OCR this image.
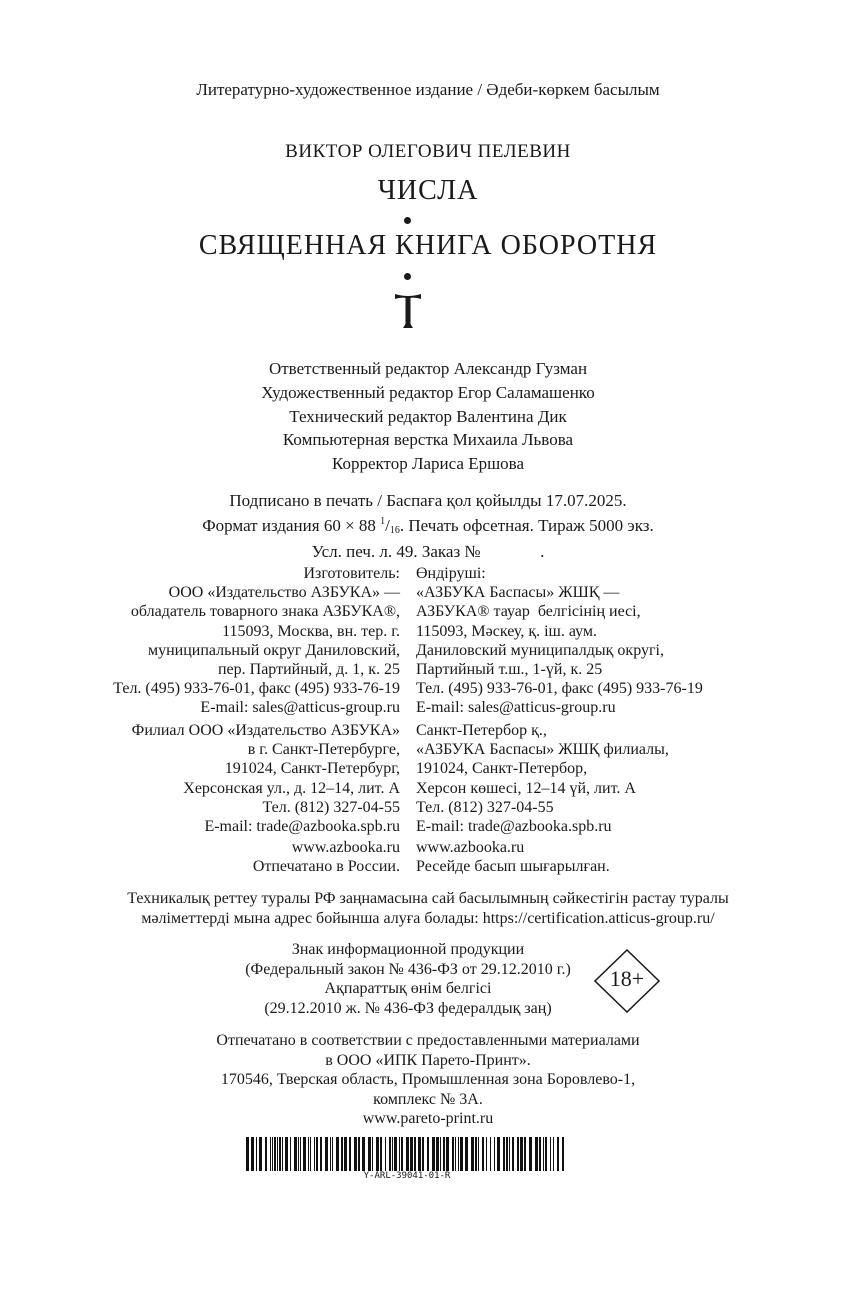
Литературно-художественное издание / Әдеби-көркем басылым
ВИКТОР ОЛЕГОВИЧ ПЕЛЕВИН
ЧИСЛА
СВЯЩЕННАЯ КНИГА ОБОРОТНЯ
Ответственный редактор Александр Гузман
Художественный редактор Егор Саламашенко
Технический редактор Валентина Дик
Компьютерная верстка Михаила Львова
Корректор Лариса Ершова
Подписано в печать / Баспаға қол қойылды 17.07.2025.
Формат издания 60 × 88 $^1/_{16}$. Печать офсетная. Тираж 5000 экз.
Усл. печ. л. 49. Заказ №              .
Изготовитель:
ООО «Издательство АЗБУКА» —
обладатель товарного знака АЗБУКА®,
115093, Москва, вн. тер. г.
муниципальный округ Даниловский,
пер. Партийный, д. 1, к. 25
Тел. (495) 933-76-01, факс (495) 933-76-19
E-mail: sales@atticus-group.ru
Өндіруші:
«АЗБУКА Баспасы» ЖШҚ —
АЗБУКА® тауар  белгісінің иесі,
115093, Мәскеу, қ. іш. аум.
Даниловский муниципалдық округі,
Партийный т.ш., 1-үй, к. 25
Тел. (495) 933-76-01, факс (495) 933-76-19
E-mail: sales@atticus-group.ru
Филиал ООО «Издательство АЗБУКА»
в г. Санкт-Петербурге,
191024, Санкт-Петербург,
Херсонская ул., д. 12–14, лит. А
Тел. (812) 327-04-55
E-mail: trade@azbooka.spb.ru
Санкт-Петербор қ.,
«АЗБУКА Баспасы» ЖШҚ филиалы,
191024, Санкт-Петербор,
Херсон көшесі, 12–14 үй, лит. А
Тел. (812) 327-04-55
E-mail: trade@azbooka.spb.ru
www.azbooka.ru
Отпечатано в России.
www.azbooka.ru
Ресейде басып шығарылған.
Техникалық реттеу туралы РФ заңнамасына сай басылымның сәйкестігін растау туралы
мәліметтерді мына адрес бойынша алуға болады: https://certification.atticus-group.ru/
Знак информационной продукции
(Федеральный закон № 436-ФЗ от 29.12.2010 г.)
Ақпараттық өнім белгісі
(29.12.2010 ж. № 436-ФЗ федералдық заң)
18+
Отпечатано в соответствии с предоставленными материалами
в ООО «ИПК Парето-Принт».
170546, Тверская область, Промышленная зона Боровлево-1,
комплекс № 3А.
www.pareto-print.ru
Y-ARL-39041-01-R
